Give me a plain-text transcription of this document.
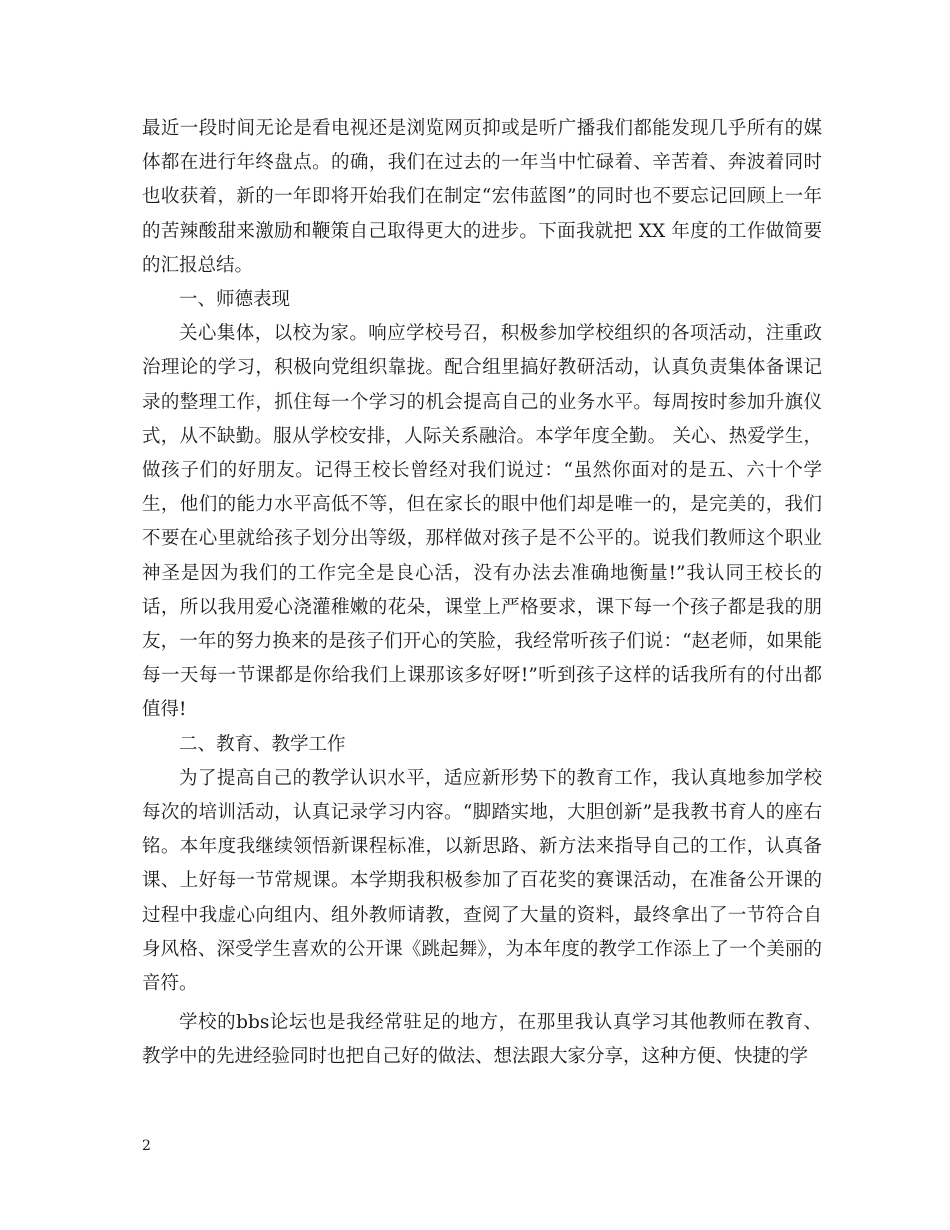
最近一段时间无论是看电视还是浏览网页抑或是听广播我们都能发现几乎所有的媒体都在进行年终盘点。的确，我们在过去的一年当中忙碌着、辛苦着、奔波着同时也收获着，新的一年即将开始我们在制定“宏伟蓝图”的同时也不要忘记回顾上一年的苦辣酸甜来激励和鞭策自己取得更大的进步。下面我就把 XX 年度的工作做简要的汇报总结。

一、师德表现

关心集体，以校为家。响应学校号召，积极参加学校组织的各项活动，注重政治理论的学习，积极向党组织靠拢。配合组里搞好教研活动，认真负责集体备课记录的整理工作，抓住每一个学习的机会提高自己的业务水平。每周按时参加升旗仪式，从不缺勤。服从学校安排，人际关系融洽。本学年度全勤。 关心、热爱学生，做孩子们的好朋友。记得王校长曾经对我们说过：“虽然你面对的是五、六十个学生，他们的能力水平高低不等，但在家长的眼中他们却是唯一的，是完美的，我们不要在心里就给孩子划分出等级，那样做对孩子是不公平的。说我们教师这个职业神圣是因为我们的工作完全是良心活，没有办法去准确地衡量!”我认同王校长的话，所以我用爱心浇灌稚嫩的花朵，课堂上严格要求，课下每一个孩子都是我的朋友，一年的努力换来的是孩子们开心的笑脸，我经常听孩子们说：“赵老师，如果能每一天每一节课都是你给我们上课那该多好呀!”听到孩子这样的话我所有的付出都值得!

二、教育、教学工作

为了提高自己的教学认识水平，适应新形势下的教育工作，我认真地参加学校每次的培训活动，认真记录学习内容。“脚踏实地，大胆创新”是我教书育人的座右铭。本年度我继续领悟新课程标准，以新思路、新方法来指导自己的工作，认真备课、上好每一节常规课。本学期我积极参加了百花奖的赛课活动，在准备公开课的过程中我虚心向组内、组外教师请教，查阅了大量的资料，最终拿出了一节符合自身风格、深受学生喜欢的公开课《跳起舞》，为本年度的教学工作添上了一个美丽的音符。

学校的bbs论坛也是我经常驻足的地方，在那里我认真学习其他教师在教育、教学中的先进经验同时也把自己好的做法、想法跟大家分享，这种方便、快捷的学

2
